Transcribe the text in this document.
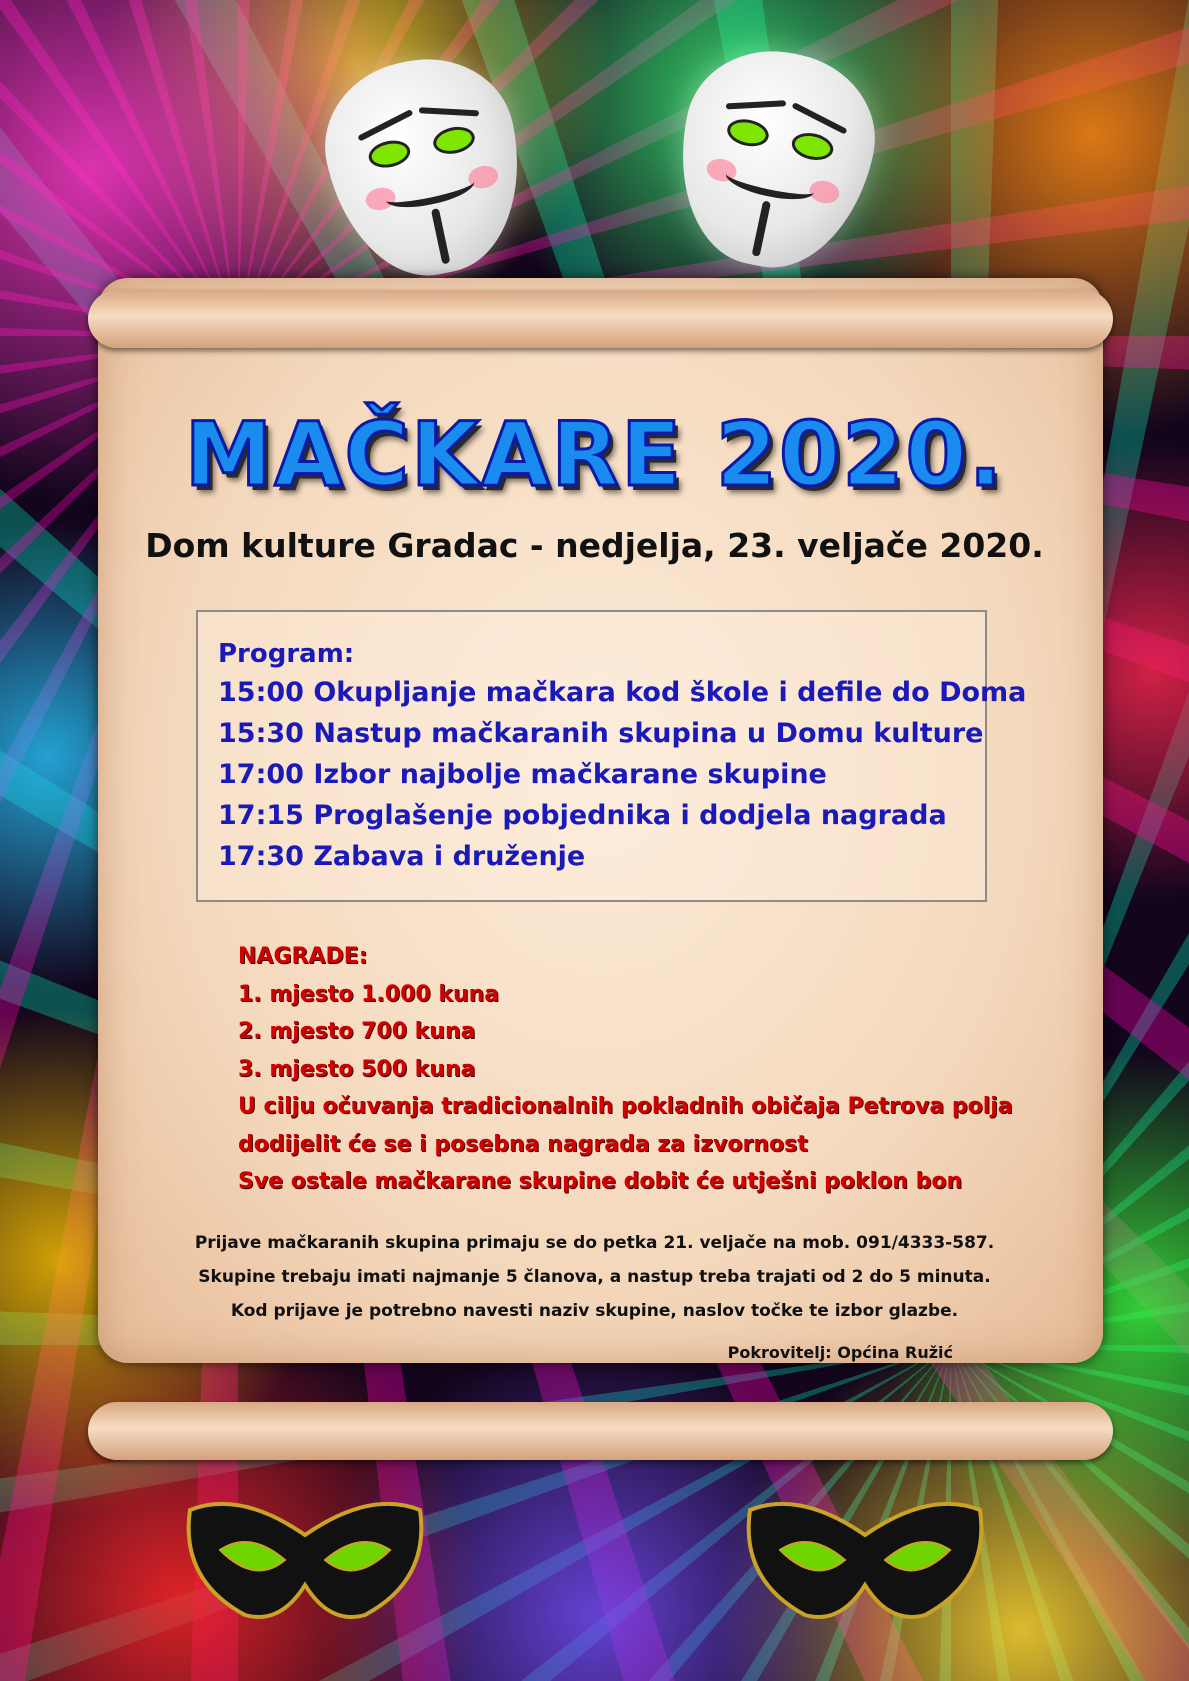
MAČKARE 2020.
Dom kulture Gradac - nedjelja, 23. veljače 2020.
Program:
15:00 Okupljanje mačkara kod škole i defile do Doma
15:30 Nastup mačkaranih skupina u Domu kulture
17:00 Izbor najbolje mačkarane skupine
17:15 Proglašenje pobjednika i dodjela nagrada
17:30 Zabava i druženje
NAGRADE:
1. mjesto 1.000 kuna
2. mjesto 700 kuna
3. mjesto 500 kuna
U cilju očuvanja tradicionalnih pokladnih običaja Petrova polja
dodijelit će se i posebna nagrada za izvornost
Sve ostale mačkarane skupine dobit će utješni poklon bon
Prijave mačkaranih skupina primaju se do petka 21. veljače na mob. 091/4333-587.
Skupine trebaju imati najmanje 5 članova, a nastup treba trajati od 2 do 5 minuta.
Kod prijave je potrebno navesti naziv skupine, naslov točke te izbor glazbe.
Pokrovitelj: Općina Ružić
